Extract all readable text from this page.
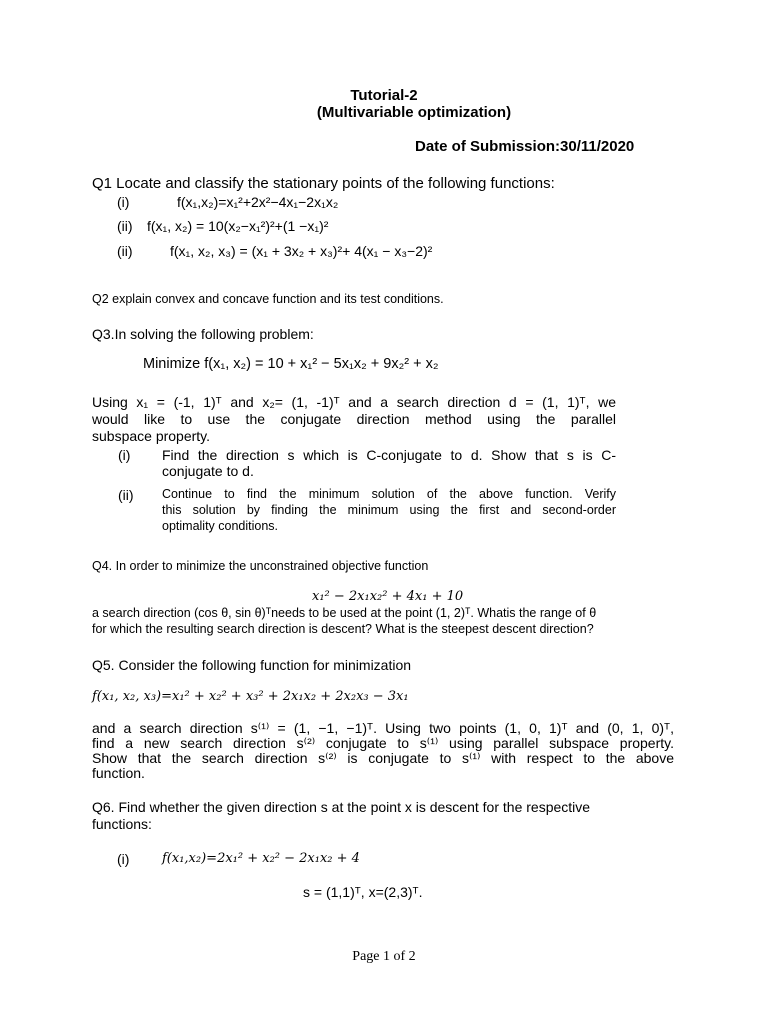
Tutorial-2
(Multivariable optimization)
Date of Submission:30/11/2020
Q1 Locate and classify the stationary points of the following functions:
(i)	f(x₁,x₂)=x₁²+2x²−4x₁−2x₁x₂
(ii) f(x₁, x₂) = 10(x₂−x₁²)²+(1 −x₁)²
(ii)	f(x₁, x₂, x₃) = (x₁ + 3x₂ + x₃)²+ 4(x₁ − x₃−2)²
Q2 explain convex and concave function and its test conditions.
Q3.In solving the following problem:
Minimize f(x₁, x₂) = 10 + x₁² − 5x₁x₂ + 9x₂² + x₂
Using x₁ = (-1, 1)ᵀ and x₂= (1, -1)ᵀ and a search direction d = (1, 1)ᵀ, we
would like to use the conjugate direction method using the parallel
subspace property.
(i) Find the direction s which is C-conjugate to d. Show that s is C-
conjugate to d.
(ii) Continue to find the minimum solution of the above function. Verify
this solution by finding the minimum using the first and second-order
optimality conditions.
Q4. In order to minimize the unconstrained objective function
x₁² − 2x₁x₂² + 4x₁ + 10
a search direction (cos θ, sin θ)ᵀneeds to be used at the point (1, 2)ᵀ. Whatis the range of θ
for which the resulting search direction is descent? What is the steepest descent direction?
Q5. Consider the following function for minimization
f(x₁, x₂, x₃)=x₁² + x₂² + x₃² + 2x₁x₂ + 2x₂x₃ − 3x₁
and a search direction s⁽¹⁾ = (1, −1, −1)ᵀ. Using two points (1, 0, 1)ᵀ and (0, 1, 0)ᵀ,
find a new search direction s⁽²⁾ conjugate to s⁽¹⁾ using parallel subspace property.
Show that the search direction s⁽²⁾ is conjugate to s⁽¹⁾ with respect to the above
function.
Q6. Find whether the given direction s at the point x is descent for the respective
functions:
(i)	f(x₁,x₂)=2x₁² + x₂² − 2x₁x₂ + 4
s = (1,1)ᵀ, x=(2,3)ᵀ.
Page 1 of 2
